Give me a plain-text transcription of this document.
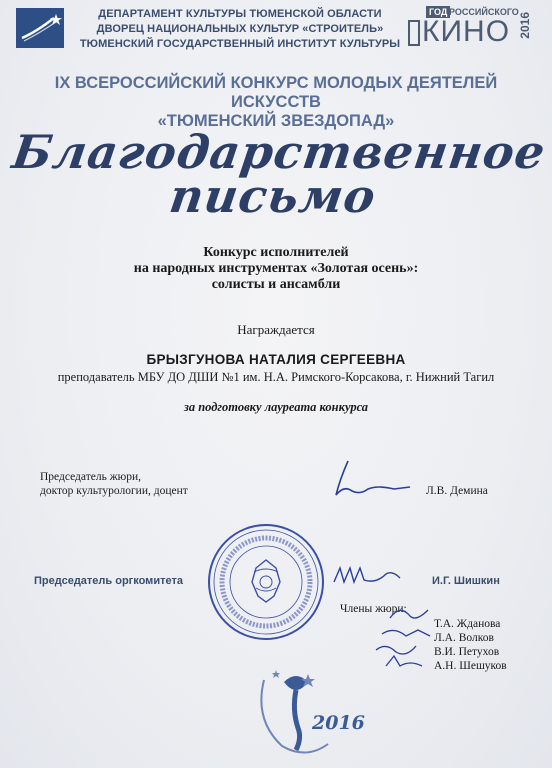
ДЕПАРТАМЕНТ КУЛЬТУРЫ ТЮМЕНСКОЙ ОБЛАСТИ
ДВОРЕЦ НАЦИОНАЛЬНЫХ КУЛЬТУР «СТРОИТЕЛЬ»
ТЮМЕНСКИЙ ГОСУДАРСТВЕННЫЙ ИНСТИТУТ КУЛЬТУРЫ
ГОД РОССИЙСКОГО
КИНО 2016
IX ВСЕРОССИЙСКИЙ КОНКУРС МОЛОДЫХ ДЕЯТЕЛЕЙ ИСКУССТВ
«ТЮМЕНСКИЙ ЗВЕЗДОПАД»
Благодарственное
письмо
Конкурс исполнителей
на народных инструментах «Золотая осень»:
солисты и ансамбли
Награждается
БРЫЗГУНОВА НАТАЛИЯ СЕРГЕЕВНА
преподаватель МБУ ДО ДШИ №1 им. Н.А. Римского-Корсакова, г. Нижний Тагил
за подготовку лауреата конкурса
Председатель жюри,
доктор культурологии, доцент	Л.В. Демина
Председатель оргкомитета	И.Г. Шишкин
Члены жюри:
Т.А. Жданова
Л.А. Волков
В.И. Петухов
А.Н. Шешуков
2016
